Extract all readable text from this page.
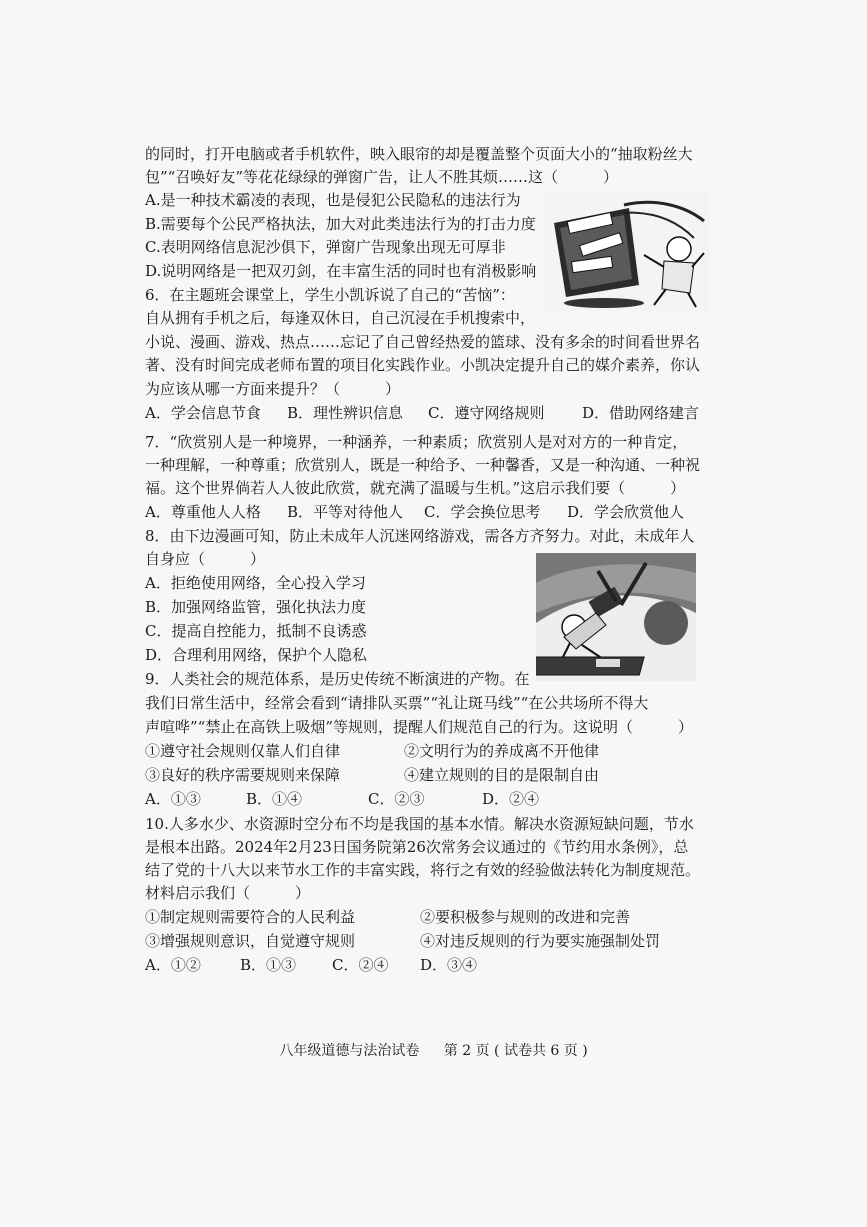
的同时，打开电脑或者手机软件，映入眼帘的却是覆盖整个页面大小的“抽取粉丝大
包”“召唤好友”等花花绿绿的弹窗广告，让人不胜其烦……这（　　　）
A.是一种技术霸凌的表现，也是侵犯公民隐私的违法行为
B.需要每个公民严格执法，加大对此类违法行为的打击力度
C.表明网络信息泥沙俱下，弹窗广告现象出现无可厚非
D.说明网络是一把双刃剑，在丰富生活的同时也有消极影响
6．在主题班会课堂上，学生小凯诉说了自己的“苦恼”：
自从拥有手机之后，每逢双休日，自己沉浸在手机搜索中，
小说、漫画、游戏、热点……忘记了自己曾经热爱的篮球、没有多余的时间看世界名
著、没有时间完成老师布置的项目化实践作业。小凯决定提升自己的媒介素养，你认
为应该从哪一方面来提升？（　　　）
A．学会信息节食 B．理性辨识信息 C．遵守网络规则	D．借助网络建言
7．“欣赏别人是一种境界，一种涵养，一种素质；欣赏别人是对对方的一种肯定，
一种理解，一种尊重；欣赏别人，既是一种给予、一种馨香，又是一种沟通、一种祝
福。这个世界倘若人人彼此欣赏，就充满了温暖与生机。”这启示我们要（　　　）
A．尊重他人人格 B．平等对待他人 C．学会换位思考 D．学会欣赏他人
8．由下边漫画可知，防止未成年人沉迷网络游戏，需各方齐努力。对此，未成年人
自身应（　　　）
A．拒绝使用网络，全心投入学习
B．加强网络监管，强化执法力度
C．提高自控能力，抵制不良诱惑
D．合理利用网络，保护个人隐私
9．人类社会的规范体系，是历史传统不断演进的产物。在
我们日常生活中，经常会看到“请排队买票”“礼让斑马线”“在公共场所不得大
声喧哗”“禁止在高铁上吸烟”等规则，提醒人们规范自己的行为。这说明（　　　）
①遵守社会规则仅靠人们自律	②文明行为的养成离不开他律
③良好的秩序需要规则来保障	④建立规则的目的是限制自由
A．①③	B．①④	C．②③	D．②④
10.人多水少、水资源时空分布不均是我国的基本水情。解决水资源短缺问题，节水
是根本出路。2024年2月23日国务院第26次常务会议通过的《节约用水条例》，总
结了党的十八大以来节水工作的丰富实践，将行之有效的经验做法转化为制度规范。
材料启示我们（　　　）
①制定规则需要符合的人民利益	②要积极参与规则的改进和完善
③增强规则意识，自觉遵守规则	④对违反规则的行为要实施强制处罚
A．①②	B．①③ C．②④ D．③④
八年级道德与法治试卷 第 2 页 ( 试卷共 6 页 )
